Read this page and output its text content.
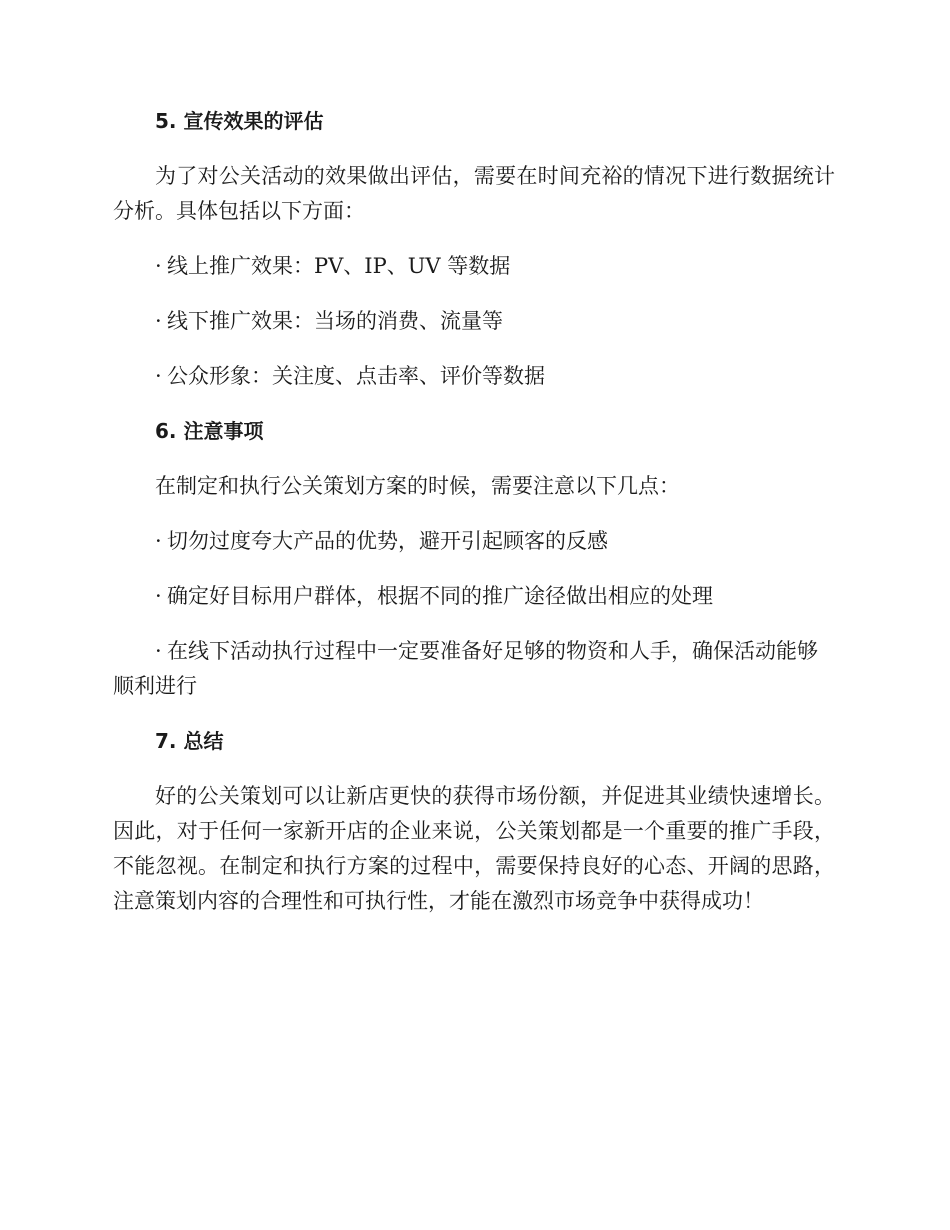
5. 宣传效果的评估

为了对公关活动的效果做出评估，需要在时间充裕的情况下进行数据统计分析。具体包括以下方面：

· 线上推广效果：PV、IP、UV 等数据

· 线下推广效果：当场的消费、流量等

· 公众形象：关注度、点击率、评价等数据

6. 注意事项

在制定和执行公关策划方案的时候，需要注意以下几点：

· 切勿过度夸大产品的优势，避开引起顾客的反感

· 确定好目标用户群体，根据不同的推广途径做出相应的处理

· 在线下活动执行过程中一定要准备好足够的物资和人手，确保活动能够顺利进行

7. 总结

好的公关策划可以让新店更快的获得市场份额，并促进其业绩快速增长。因此，对于任何一家新开店的企业来说，公关策划都是一个重要的推广手段，不能忽视。在制定和执行方案的过程中，需要保持良好的心态、开阔的思路，注意策划内容的合理性和可执行性，才能在激烈市场竞争中获得成功！
